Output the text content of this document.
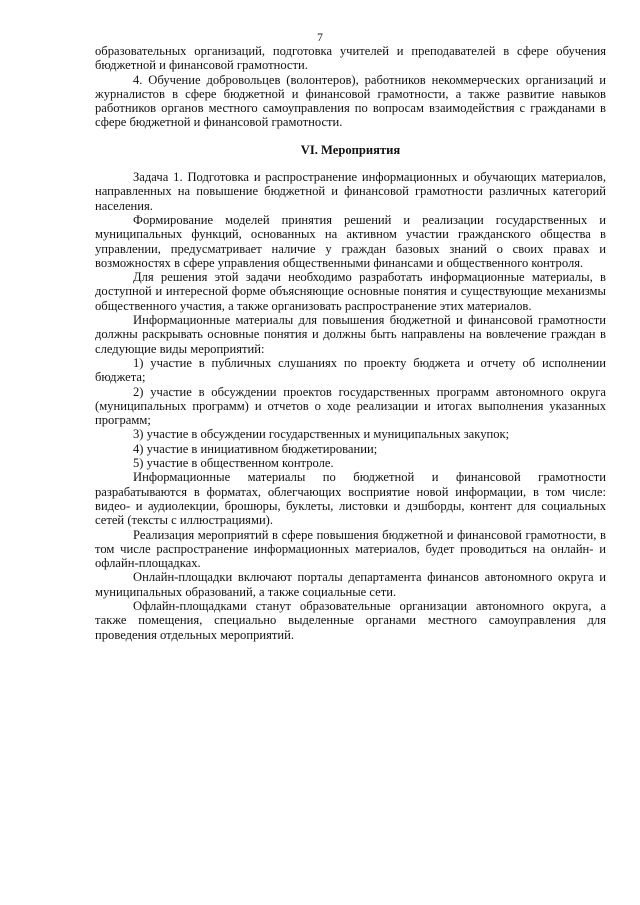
7

образовательных организаций, подготовка учителей и преподавателей в сфере обучения бюджетной и финансовой грамотности.

4. Обучение добровольцев (волонтеров), работников некоммерческих организаций и журналистов в сфере бюджетной и финансовой грамотности, а также развитие навыков работников органов местного самоуправления по вопросам взаимодействия с гражданами в сфере бюджетной и финансовой грамотности.

VI. Мероприятия

Задача 1. Подготовка и распространение информационных и обучающих материалов, направленных на повышение бюджетной и финансовой грамотности различных категорий населения.

Формирование моделей принятия решений и реализации государственных и муниципальных функций, основанных на активном участии гражданского общества в управлении, предусматривает наличие у граждан базовых знаний о своих правах и возможностях в сфере управления общественными финансами и общественного контроля.

Для решения этой задачи необходимо разработать информационные материалы, в доступной и интересной форме объясняющие основные понятия и существующие механизмы общественного участия, а также организовать распространение этих материалов.

Информационные материалы для повышения бюджетной и финансовой грамотности должны раскрывать основные понятия и должны быть направлены на вовлечение граждан в следующие виды мероприятий:

1) участие в публичных слушаниях по проекту бюджета и отчету об исполнении бюджета;

2) участие в обсуждении проектов государственных программ автономного округа (муниципальных программ) и отчетов о ходе реализации и итогах выполнения указанных программ;

3) участие в обсуждении государственных и муниципальных закупок;

4) участие в инициативном бюджетировании;

5) участие в общественном контроле.

Информационные материалы по бюджетной и финансовой грамотности разрабатываются в форматах, облегчающих восприятие новой информации, в том числе: видео- и аудиолекции, брошюры, буклеты, листовки и дэшборды, контент для социальных сетей (тексты с иллюстрациями).

Реализация мероприятий в сфере повышения бюджетной и финансовой грамотности, в том числе распространение информационных материалов, будет проводиться на онлайн- и офлайн-площадках.

Онлайн-площадки включают порталы департамента финансов автономного округа и муниципальных образований, а также социальные сети.

Офлайн-площадками станут образовательные организации автономного округа, а также помещения, специально выделенные органами местного самоуправления для проведения отдельных мероприятий.
